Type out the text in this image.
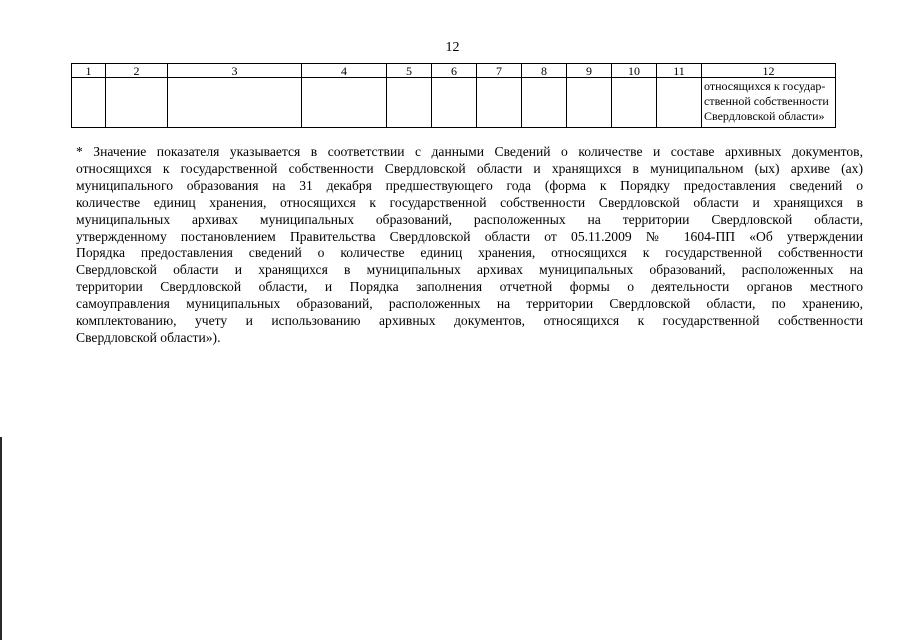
12
1	2	3	4	5	6	7	8	9	10	11	12

											относящихся к государ-
ственной собственности
Свердловской области»
* Значение показателя указывается в соответствии с данными Сведений о количестве и составе архивных документов,
относящихся к государственной собственности Свердловской области и хранящихся в муниципальном (ых) архиве (ах)
муниципального образования на 31 декабря предшествующего года (форма к Порядку предоставления сведений о
количестве единиц хранения, относящихся к государственной собственности Свердловской области и хранящихся в
муниципальных архивах муниципальных образований, расположенных на территории Свердловской области,
утвержденному постановлением Правительства Свердловской области от 05.11.2009 № 1604-ПП «Об утверждении
Порядка предоставления сведений о количестве единиц хранения, относящихся к государственной собственности
Свердловской области и хранящихся в муниципальных архивах муниципальных образований, расположенных на
территории Свердловской области, и Порядка заполнения отчетной формы о деятельности органов местного
самоуправления муниципальных образований, расположенных на территории Свердловской области, по хранению,
комплектованию, учету и использованию архивных документов, относящихся к государственной собственности
Свердловской области»).
